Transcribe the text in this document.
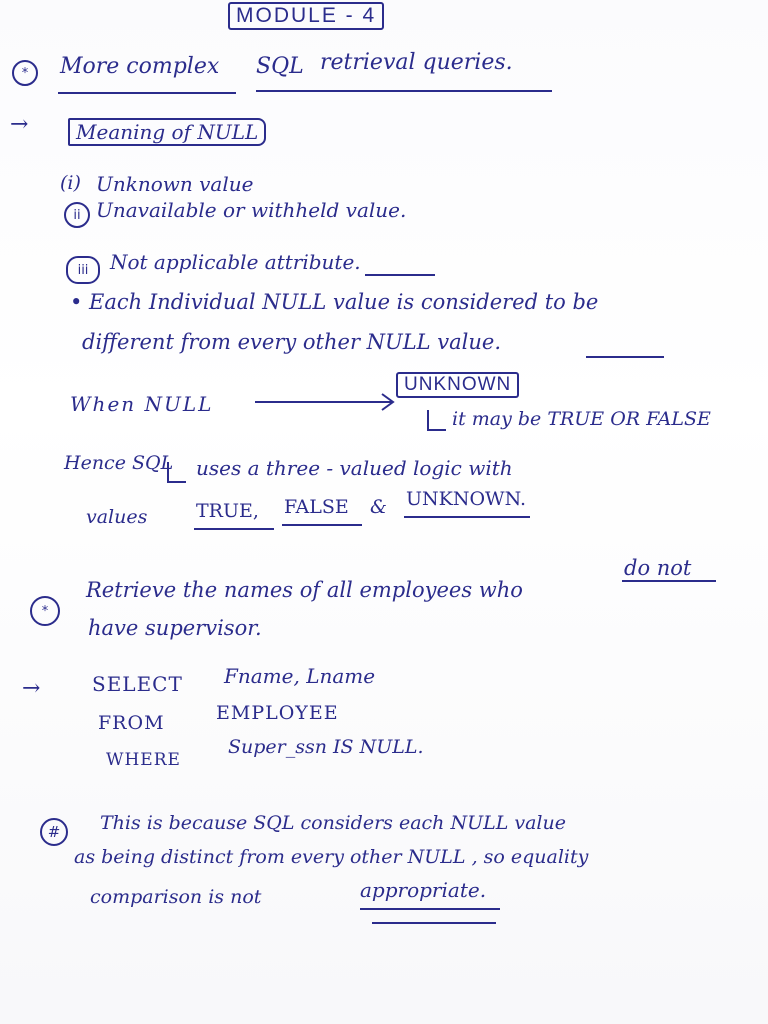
MODULE - 4
*	More complex SQL retrieval queries.
→	Meaning of NULL
(i) Unknown value
ii Unavailable or withheld value.
iii	Not applicable attribute.
• Each Individual NULL value is considered to be
different from every other NULL value.
When NULL
UNKNOWN
it may be TRUE OR FALSE
Hence SQL uses a three - valued logic with
values	TRUE, FALSE & UNKNOWN.
*
Retrieve the names of all employees who
do not
have supervisor.
→	SELECT Fname, Lname
FROM	EMPLOYEE
WHERE
Super_ssn IS NULL.
#	This is because SQL considers each NULL value
as being distinct from every other NULL , so equality
comparison is not	appropriate.
